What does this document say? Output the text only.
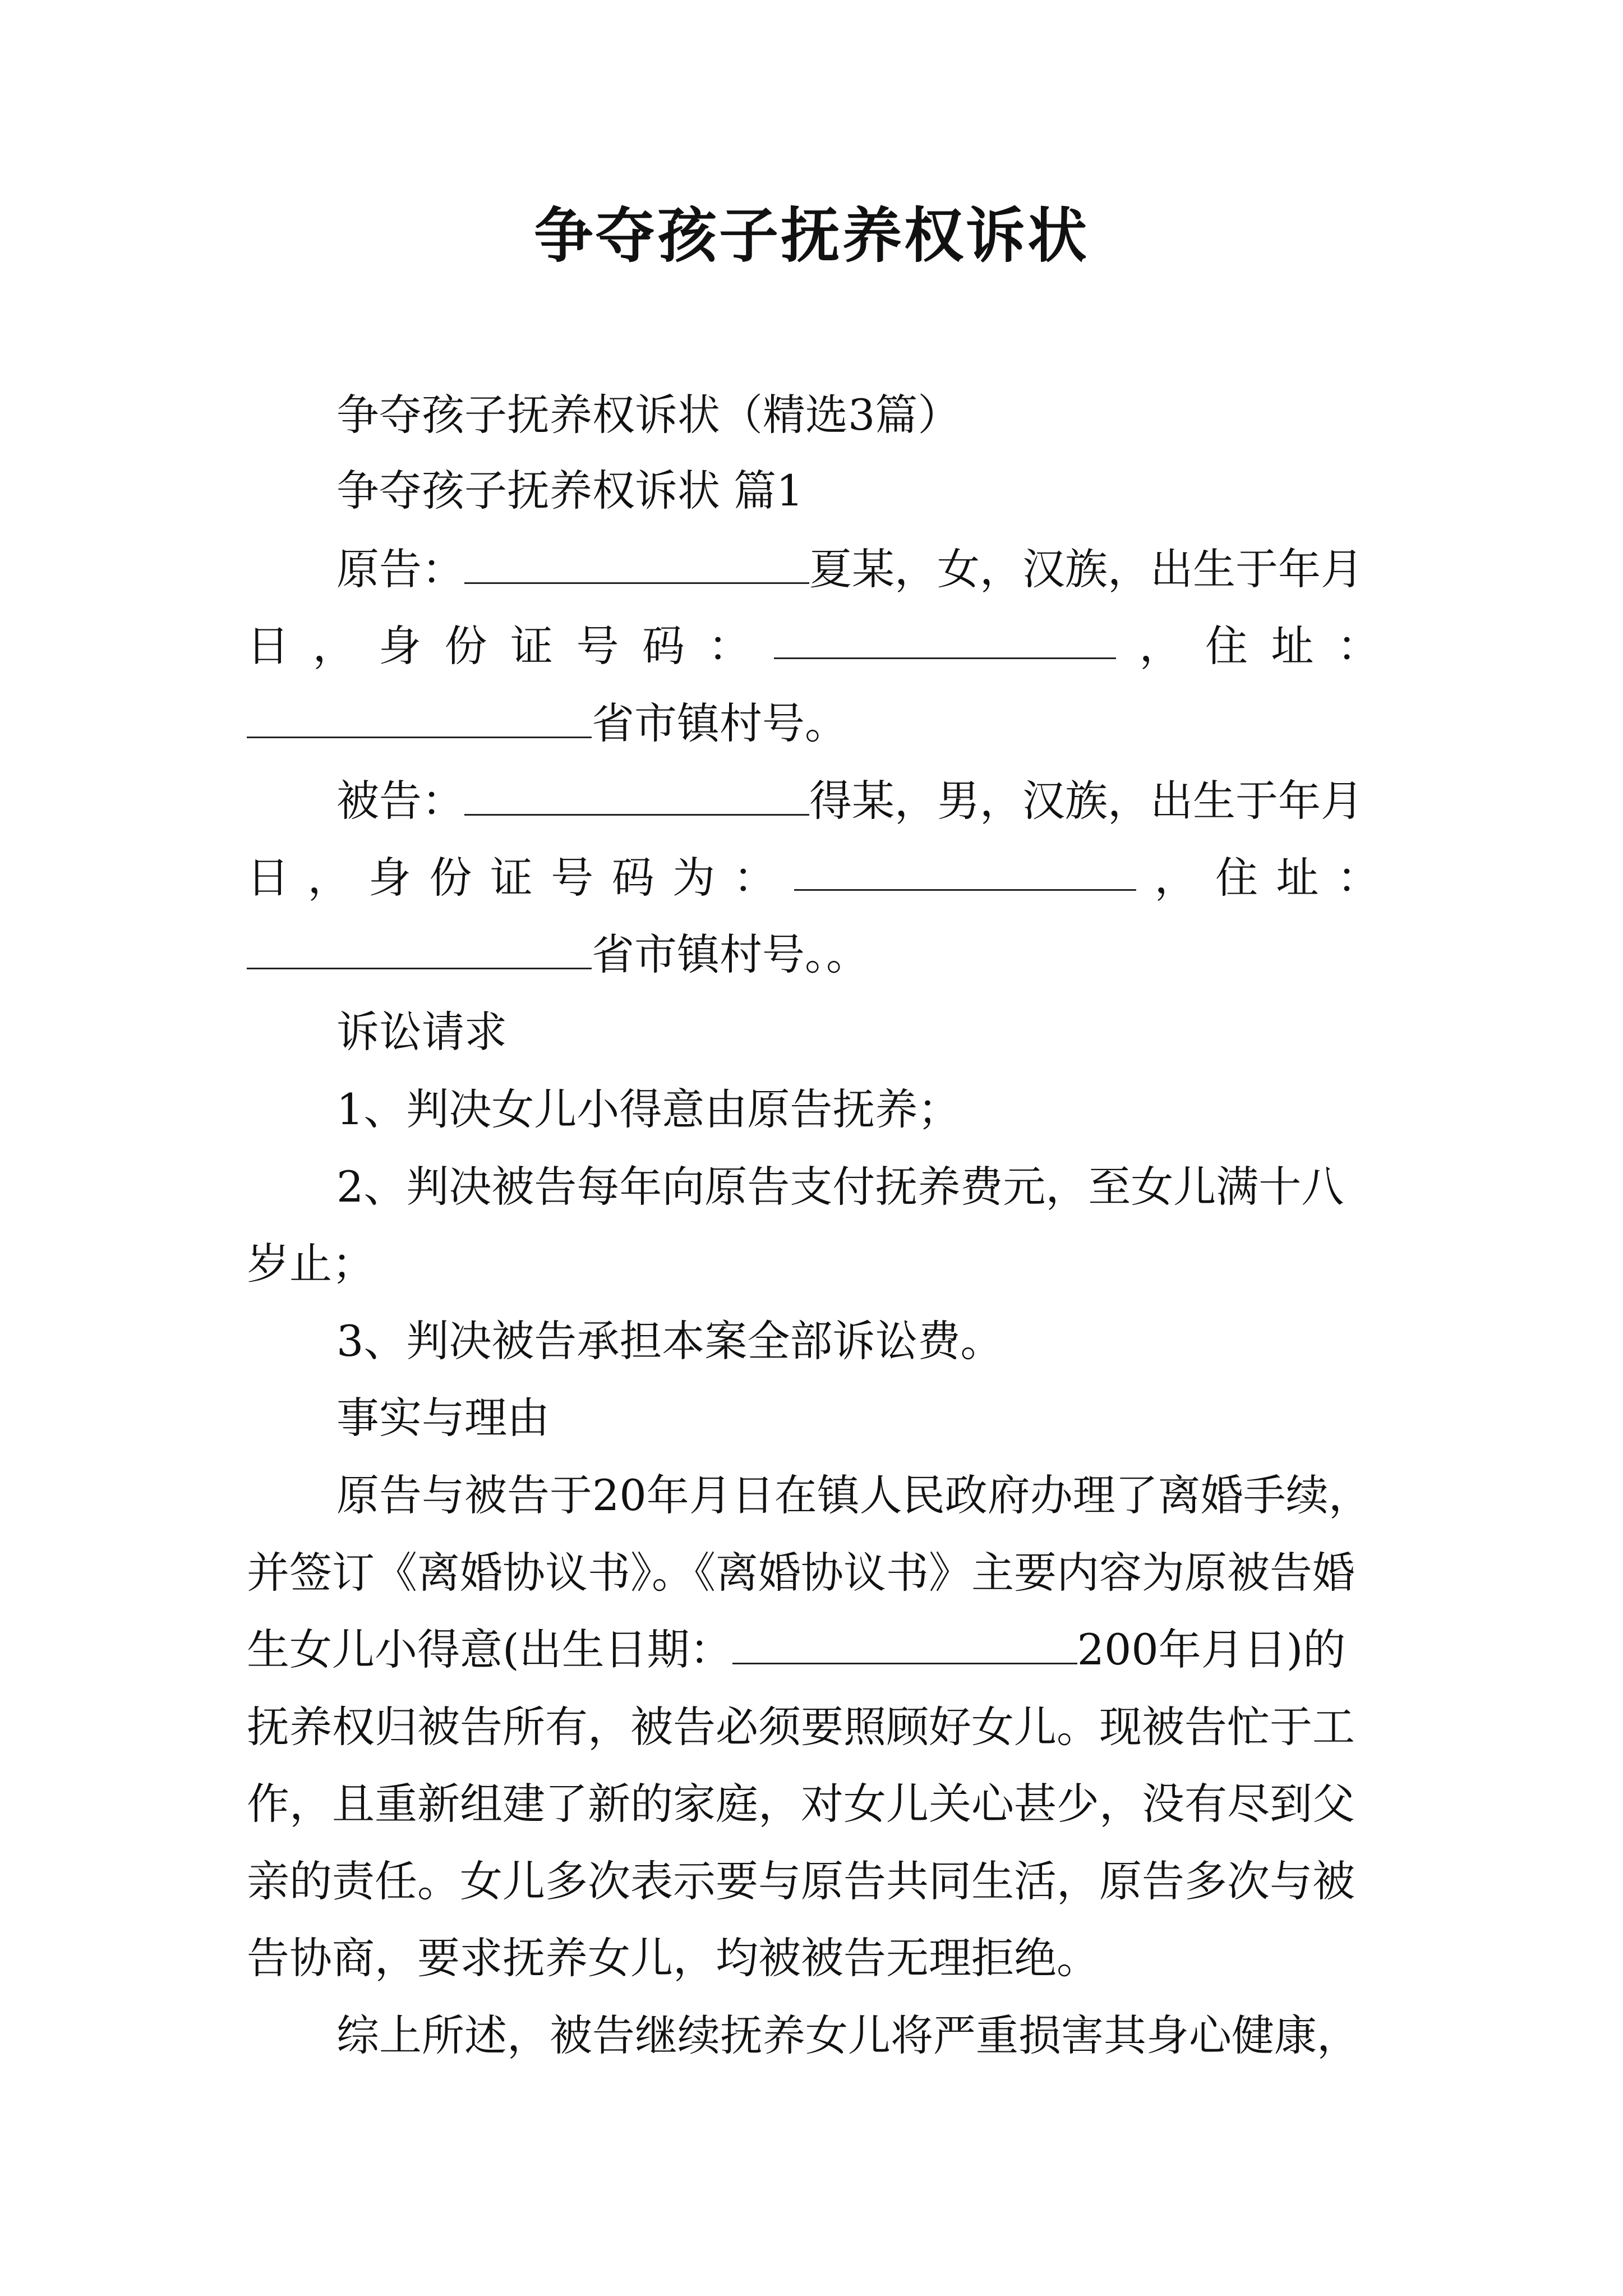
争夺孩子抚养权诉状
争夺孩子抚养权诉状（精选3篇）
争夺孩子抚养权诉状 篇1
原告：	夏某，女，汉族，出生于年月
日 ， 身 份 证 号 码 ：	， 住 址 ：
省市镇村号。
被告：	得某，男，汉族，出生于年月
日 ， 身 份 证 号 码 为 ：	， 住 址 ：
省市镇村号。。
诉讼请求
1、判决女儿小得意由原告抚养；
2、判决被告每年向原告支付抚养费元，至女儿满十八
岁止；
3、判决被告承担本案全部诉讼费。
事实与理由
原告与被告于20年月日在镇人民政府办理了离婚手续，
并签订《离婚协议书》。《离婚协议书》主要内容为原被告婚
生女儿小得意(出生日期：	200年月日)的
抚养权归被告所有，被告必须要照顾好女儿。现被告忙于工
作，且重新组建了新的家庭，对女儿关心甚少，没有尽到父
亲的责任。女儿多次表示要与原告共同生活，原告多次与被
告协商，要求抚养女儿，均被被告无理拒绝。
综上所述，被告继续抚养女儿将严重损害其身心健康，
